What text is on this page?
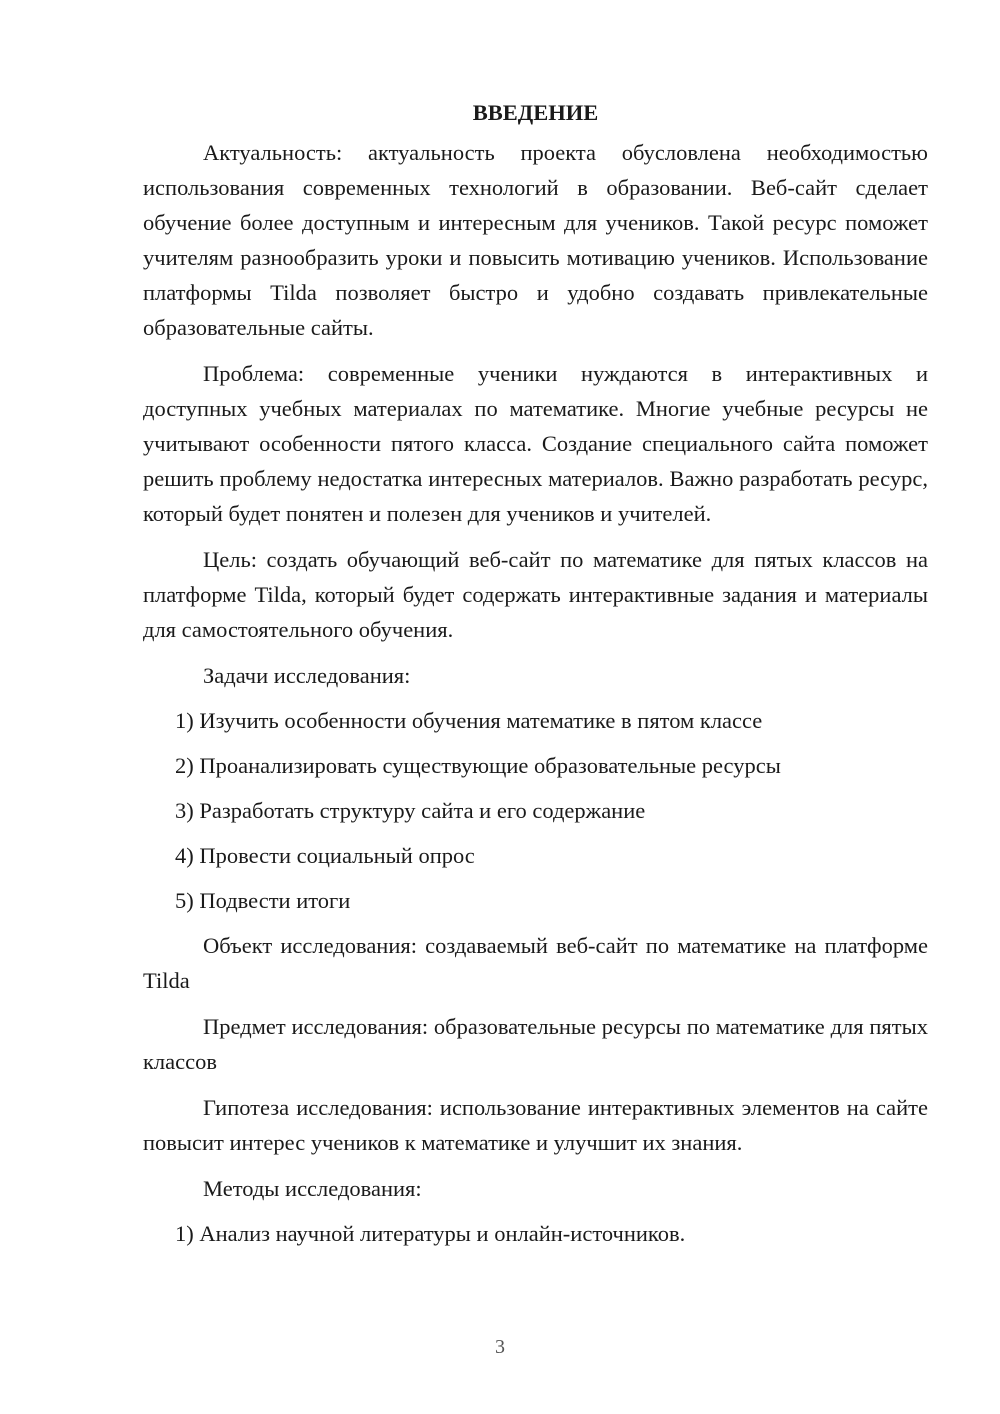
ВВЕДЕНИЕ

Актуальность: актуальность проекта обусловлена необходимостью использования современных технологий в образовании. Веб-сайт сделает обучение более доступным и интересным для учеников. Такой ресурс поможет учителям разнообразить уроки и повысить мотивацию учеников. Использование платформы Tilda позволяет быстро и удобно создавать привлекательные образовательные сайты.

Проблема: современные ученики нуждаются в интерактивных и доступных учебных материалах по математике. Многие учебные ресурсы не учитывают особенности пятого класса. Создание специального сайта поможет решить проблему недостатка интересных материалов. Важно разработать ресурс, который будет понятен и полезен для учеников и учителей.

Цель: создать обучающий веб-сайт по математике для пятых классов на платформе Tilda, который будет содержать интерактивные задания и материалы для самостоятельного обучения.

Задачи исследования:

1) Изучить особенности обучения математике в пятом классе
2) Проанализировать существующие образовательные ресурсы
3) Разработать структуру сайта и его содержание
4) Провести социальный опрос
5) Подвести итоги

Объект исследования: создаваемый веб-сайт по математике на платформе Tilda

Предмет исследования: образовательные ресурсы по математике для пятых классов

Гипотеза исследования: использование интерактивных элементов на сайте повысит интерес учеников к математике и улучшит их знания.

Методы исследования:

1) Анализ научной литературы и онлайн-источников.
3
